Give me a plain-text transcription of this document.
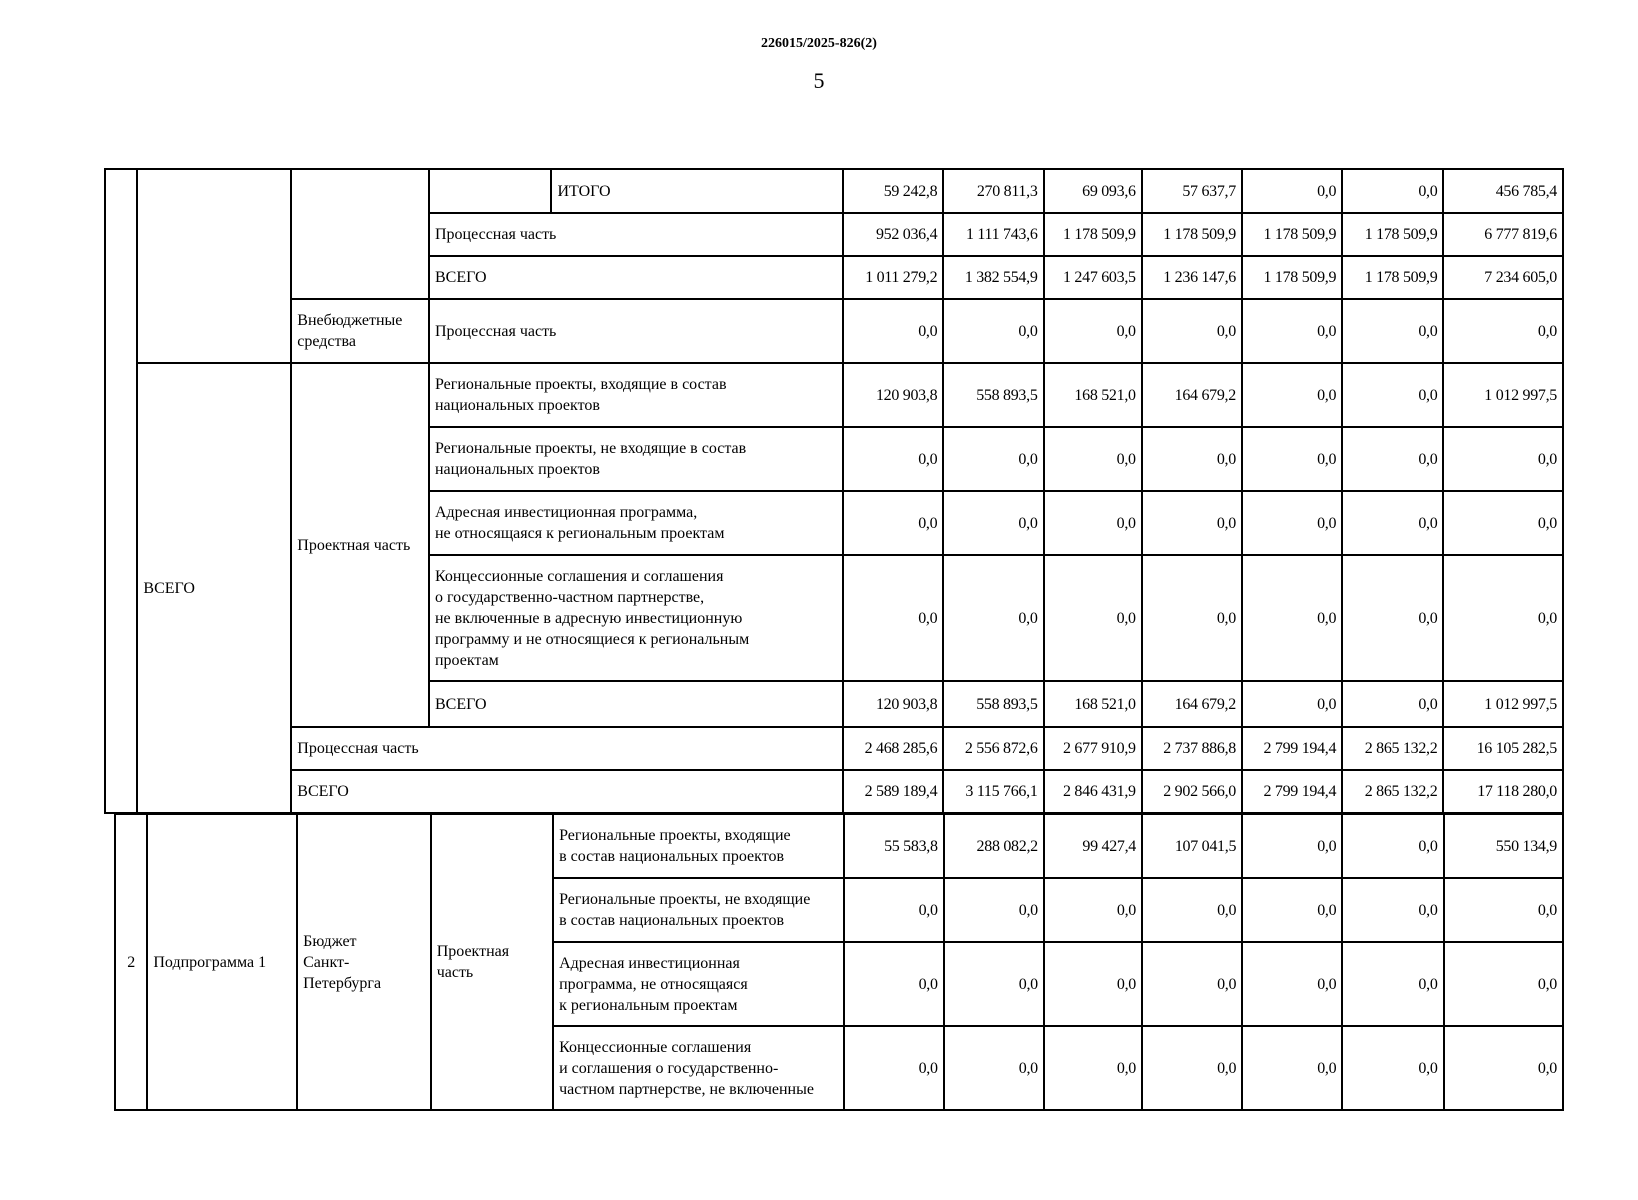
226015/2025-826(2)
5
				ИТОГО	59 242,8	270 811,3	69 093,6	57 637,7	0,0	0,0	456 785,4
			Процессная часть		952 036,4	1 111 743,6	1 178 509,9	1 178 509,9	1 178 509,9	1 178 509,9	6 777 819,6
			ВСЕГО		1 011 279,2	1 382 554,9	1 247 603,5	1 236 147,6	1 178 509,9	1 178 509,9	7 234 605,0
		Внебюджетные средства	Процессная часть		0,0	0,0	0,0	0,0	0,0	0,0	0,0
	ВСЕГО	Проектная часть	Региональные проекты, входящие в состав
национальных проектов		120 903,8	558 893,5	168 521,0	164 679,2	0,0	0,0	1 012 997,5
			Региональные проекты, не входящие в состав
национальных проектов		0,0	0,0	0,0	0,0	0,0	0,0	0,0
			Адресная инвестиционная программа,
не относящаяся к региональным проектам		0,0	0,0	0,0	0,0	0,0	0,0	0,0
			Концессионные соглашения и соглашения
о государственно-частном партнерстве,
не включенные в адресную инвестиционную
программу и не относящиеся к региональным
проектам		0,0	0,0	0,0	0,0	0,0	0,0	0,0
			ВСЕГО		120 903,8	558 893,5	168 521,0	164 679,2	0,0	0,0	1 012 997,5
		Процессная часть			2 468 285,6	2 556 872,6	2 677 910,9	2 737 886,8	2 799 194,4	2 865 132,2	16 105 282,5
		ВСЕГО			2 589 189,4	3 115 766,1	2 846 431,9	2 902 566,0	2 799 194,4	2 865 132,2	17 118 280,0
2	Подпрограмма 1	Бюджет
Санкт-
Петербурга	Проектная
часть	Региональные проекты, входящие
в состав национальных проектов	55 583,8	288 082,2	99 427,4	107 041,5	0,0	0,0	550 134,9
				Региональные проекты, не входящие
в состав национальных проектов	0,0	0,0	0,0	0,0	0,0	0,0	0,0
				Адресная инвестиционная
программа, не относящаяся
к региональным проектам	0,0	0,0	0,0	0,0	0,0	0,0	0,0
				Концессионные соглашения
и соглашения о государственно-
частном партнерстве, не включенные	0,0	0,0	0,0	0,0	0,0	0,0	0,0
